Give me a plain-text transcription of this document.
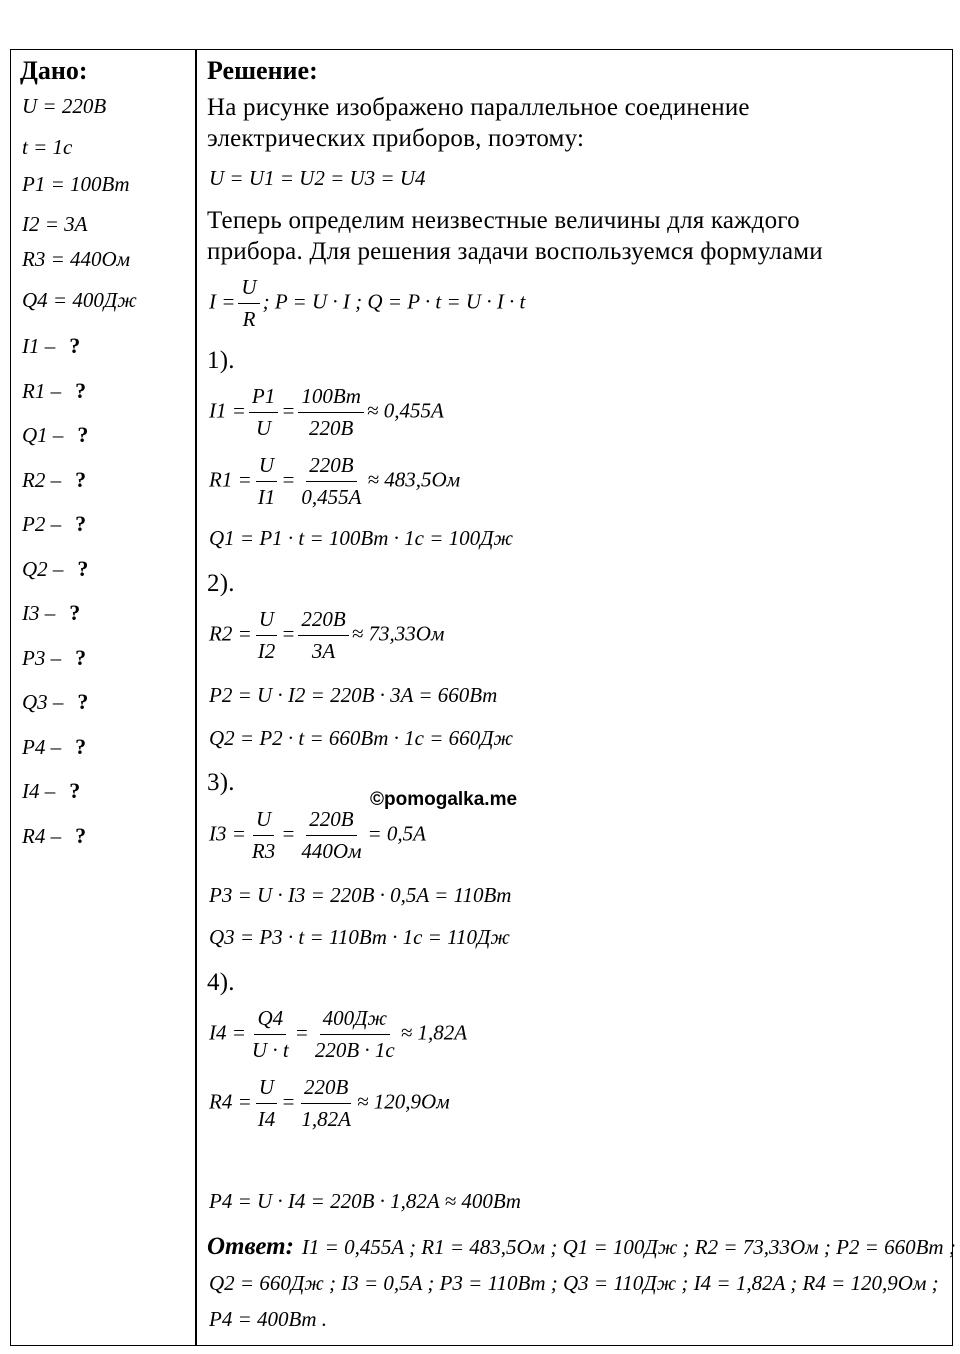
Дано:
U = 220B
t = 1c
P1 = 100Bm
I2 = 3A
R3 = 440Ом
Q4 = 400Дж
I1 – ?
R1 – ?
Q1 – ?
R2 – ?
P2 – ?
Q2 – ?
I3 – ?
P3 – ?
Q3 – ?
P4 – ?
I4 – ?
R4 – ?
Решение:
На рисунке изображено параллельное соединение
электрических приборов, поэтому:
U = U1 = U2 = U3 = U4
Теперь определим неизвестные величины для каждого
прибора. Для решения задачи воспользуемся формулами
$I = \frac{U}{R}$ ; P = U · I ; Q = P · t = U · I · t
1).
$I1 = \frac{P1}{U} = \frac{100Bm}{220B} \approx 0,455A$
$R1 = \frac{U}{I1} = \frac{220B}{0,455A} \approx 483,5Ом$
Q1 = P1 · t = 100Bm · 1c = 100Дж
2).
$R2 = \frac{U}{I2} = \frac{220B}{3A} \approx 73,33Ом$
P2 = U · I2 = 220B · 3A = 660Bm
Q2 = P2 · t = 660Bm · 1c = 660Дж
3).
©pomogalka.me
$I3 = \frac{U}{R3} = \frac{220B}{440Ом} = 0,5A$
P3 = U · I3 = 220B · 0,5A = 110Bm
Q3 = P3 · t = 110Bm · 1c = 110Дж
4).
$I4 = \frac{Q4}{U \cdot t} = \frac{400Дж}{220B \cdot 1c} \approx 1,82A$
$R4 = \frac{U}{I4} = \frac{220B}{1,82A} \approx 120,9Ом$
P4 = U · I4 = 220B · 1,82A ≈ 400Bm
Ответ: I1 = 0,455A ; R1 = 483,5Ом ; Q1 = 100Дж ; R2 = 73,33Ом ; P2 = 660Bm ;
Q2 = 660Дж ; I3 = 0,5A ; P3 = 110Bm ; Q3 = 110Дж ; I4 = 1,82A ; R4 = 120,9Ом ;
P4 = 400Bm .
